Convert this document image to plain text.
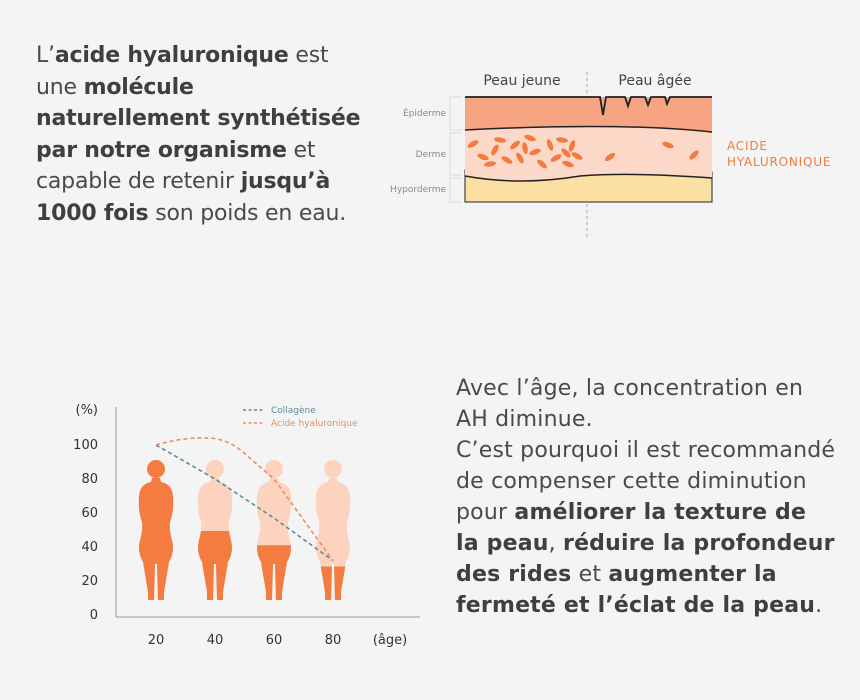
L’acide hyaluronique est une molécule naturellement synthétisée par notre organisme et capable de retenir jusqu’à 1000 fois son poids en eau.
Peau jeune	Peau âgée
Épiderme
Derme
Hyporderme
ACIDE
HYALURONIQUE
(%)
(âge)
0
20
40
60
80
100
20	40	60	80
Collagène
Acide hyaluronique
Avec l’âge, la concentration en AH diminue.
C’est pourquoi il est recommandé de compenser cette diminution pour améliorer la texture de la peau, réduire la profondeur des rides et augmenter la fermeté et l’éclat de la peau.
